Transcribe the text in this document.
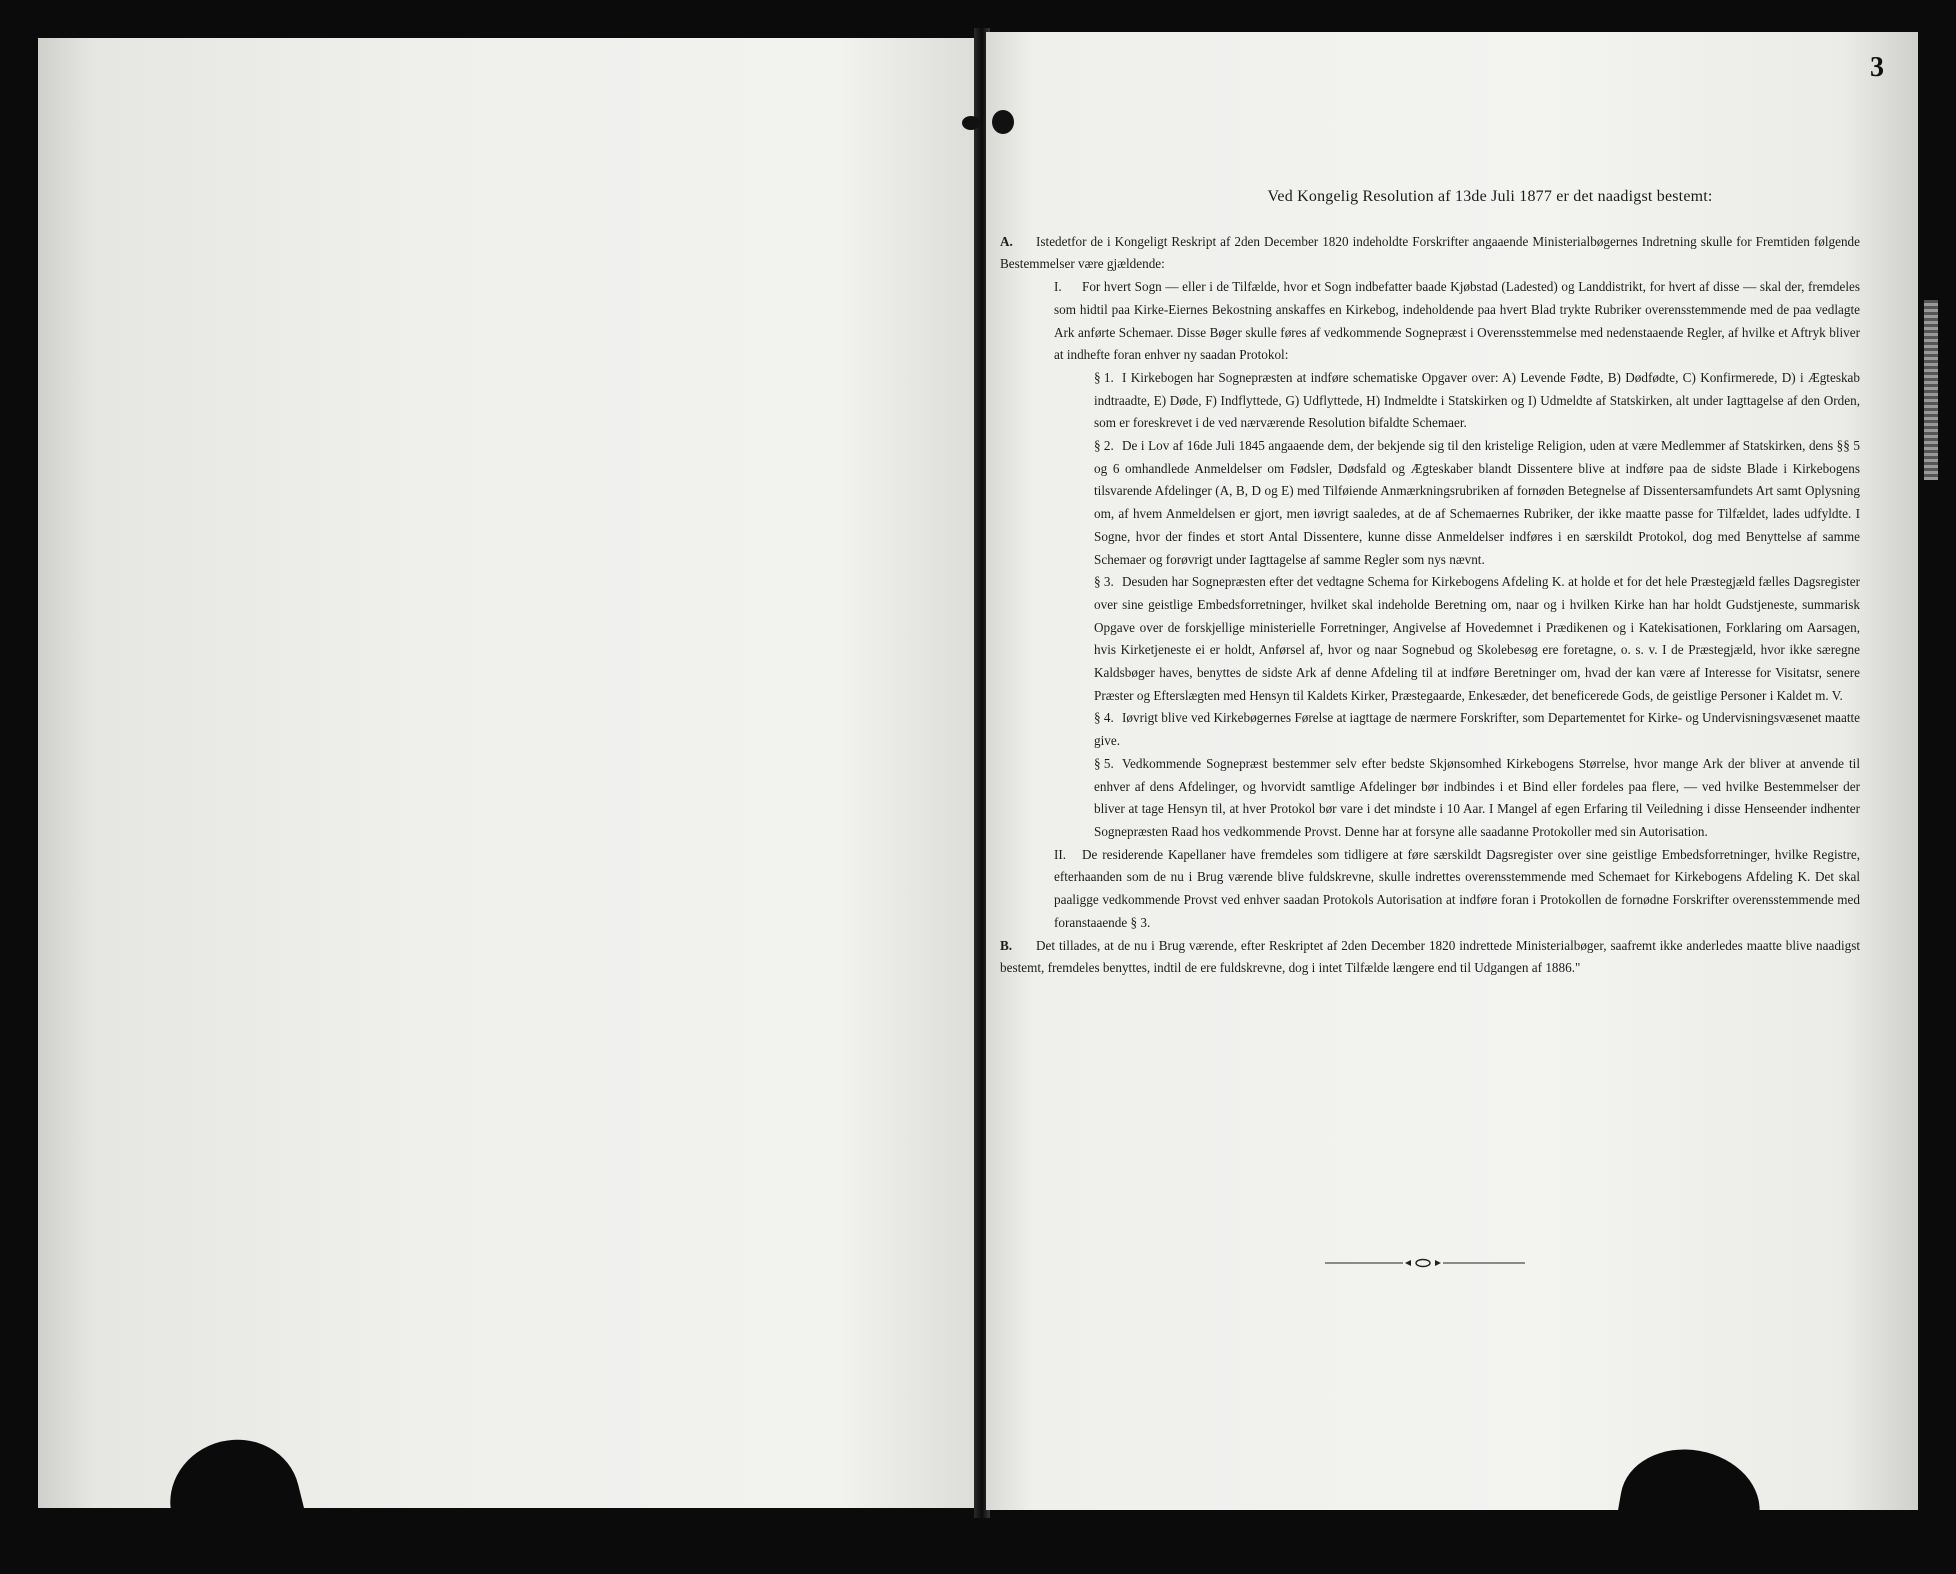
3
Ved Kongelig Resolution af 13de Juli 1877 er det naadigst bestemt:

A. Istedetfor de i Kongeligt Reskript af 2den December 1820 indeholdte Forskrifter angaaende Ministerialbøgernes Indretning skulle for Fremtiden følgende Bestemmelser være gjældende:

I. For hvert Sogn — eller i de Tilfælde, hvor et Sogn indbefatter baade Kjøbstad (Ladested) og Landdistrikt, for hvert af disse — skal der, fremdeles som hidtil paa Kirke-Eiernes Bekostning anskaffes en Kirkebog, indeholdende paa hvert Blad trykte Rubriker overensstemmende med de paa vedlagte Ark anførte Schemaer. Disse Bøger skulle føres af vedkommende Sognepræst i Overensstemmelse med nedenstaaende Regler, af hvilke et Aftryk bliver at indhefte foran enhver ny saadan Protokol:

§ 1. I Kirkebogen har Sognepræsten at indføre schematiske Opgaver over: A) Levende Fødte, B) Dødfødte, C) Konfirmerede, D) i Ægteskab indtraadte, E) Døde, F) Indflyttede, G) Udflyttede, H) Indmeldte i Statskirken og I) Udmeldte af Statskirken, alt under Iagttagelse af den Orden, som er foreskrevet i de ved nærværende Resolution bifaldte Schemaer.

§ 2. De i Lov af 16de Juli 1845 angaaende dem, der bekjende sig til den kristelige Religion, uden at være Medlemmer af Statskirken, dens §§ 5 og 6 omhandlede Anmeldelser om Fødsler, Dødsfald og Ægteskaber blandt Dissentere blive at indføre paa de sidste Blade i Kirkebogens tilsvarende Afdelinger (A, B, D og E) med Tilføiende Anmærkningsrubriken af fornøden Betegnelse af Dissentersamfundets Art samt Oplysning om, af hvem Anmeldelsen er gjort, men iøvrigt saaledes, at de af Schemaernes Rubriker, der ikke maatte passe for Tilfældet, lades udfyldte. I Sogne, hvor der findes et stort Antal Dissentere, kunne disse Anmeldelser indføres i en særskildt Protokol, dog med Benyttelse af samme Schemaer og forøvrigt under Iagttagelse af samme Regler som nys nævnt.

§ 3. Desuden har Sognepræsten efter det vedtagne Schema for Kirkebogens Afdeling K. at holde et for det hele Præstegjæld fælles Dagsregister over sine geistlige Embedsforretninger, hvilket skal indeholde Beretning om, naar og i hvilken Kirke han har holdt Gudstjeneste, summarisk Opgave over de forskjellige ministerielle Forretninger, Angivelse af Hovedemnet i Prædikenen og i Katekisationen, Forklaring om Aarsagen, hvis Kirketjeneste ei er holdt, Anførsel af, hvor og naar Sognebud og Skolebesøg ere foretagne, o. s. v. I de Præstegjæld, hvor ikke særegne Kaldsbøger haves, benyttes de sidste Ark af denne Afdeling til at indføre Beretninger om, hvad der kan være af Interesse for Visitatsr, senere Præster og Efterslægten med Hensyn til Kaldets Kirker, Præstegaarde, Enkesæder, det beneficerede Gods, de geistlige Personer i Kaldet m. V.

§ 4. Iøvrigt blive ved Kirkebøgernes Førelse at iagttage de nærmere Forskrifter, som Departementet for Kirke- og Undervisningsvæsenet maatte give.

§ 5. Vedkommende Sognepræst bestemmer selv efter bedste Skjønsomhed Kirkebogens Størrelse, hvor mange Ark der bliver at anvende til enhver af dens Afdelinger, og hvorvidt samtlige Afdelinger bør indbindes i et Bind eller fordeles paa flere, — ved hvilke Bestemmelser der bliver at tage Hensyn til, at hver Protokol bør vare i det mindste i 10 Aar. I Mangel af egen Erfaring til Veiledning i disse Henseender indhenter Sognepræsten Raad hos vedkommende Provst. Denne har at forsyne alle saadanne Protokoller med sin Autorisation.

II. De residerende Kapellaner have fremdeles som tidligere at føre særskildt Dagsregister over sine geistlige Embedsforretninger, hvilke Registre, efterhaanden som de nu i Brug værende blive fuldskrevne, skulle indrettes overensstemmende med Schemaet for Kirkebogens Afdeling K. Det skal paaligge vedkommende Provst ved enhver saadan Protokols Autorisation at indføre foran i Protokollen de fornødne Forskrifter overensstemmende med foranstaaende § 3.

B. Det tillades, at de nu i Brug værende, efter Reskriptet af 2den December 1820 indrettede Ministerialbøger, saafremt ikke anderledes maatte blive naadigst bestemt, fremdeles benyttes, indtil de ere fuldskrevne, dog i intet Tilfælde længere end til Udgangen af 1886."
